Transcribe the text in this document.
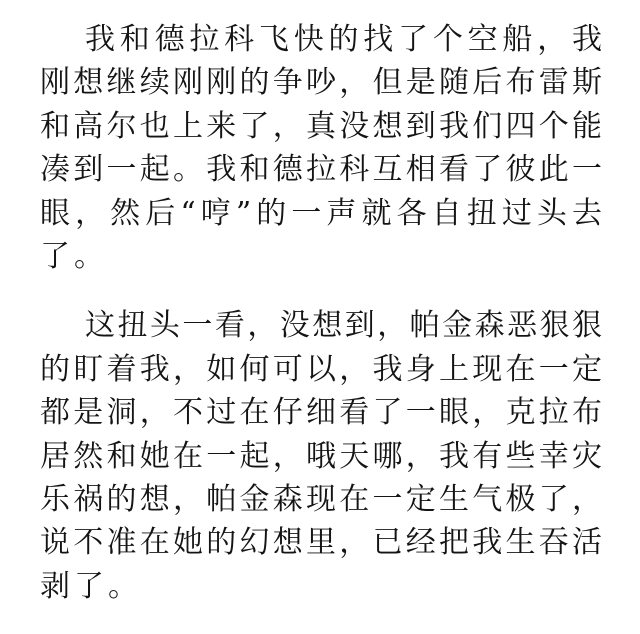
我和德拉科飞快的找了个空船，我
刚想继续刚刚的争吵，但是随后布雷斯
和高尔也上来了，真没想到我们四个能
凑到一起。我和德拉科互相看了彼此一
眼，然后“哼”的一声就各自扭过头去
了。
这扭头一看，没想到，帕金森恶狠狠
的盯着我，如何可以，我身上现在一定
都是洞，不过在仔细看了一眼，克拉布
居然和她在一起，哦天哪，我有些幸灾
乐祸的想，帕金森现在一定生气极了，
说不准在她的幻想里，已经把我生吞活
剥了。
